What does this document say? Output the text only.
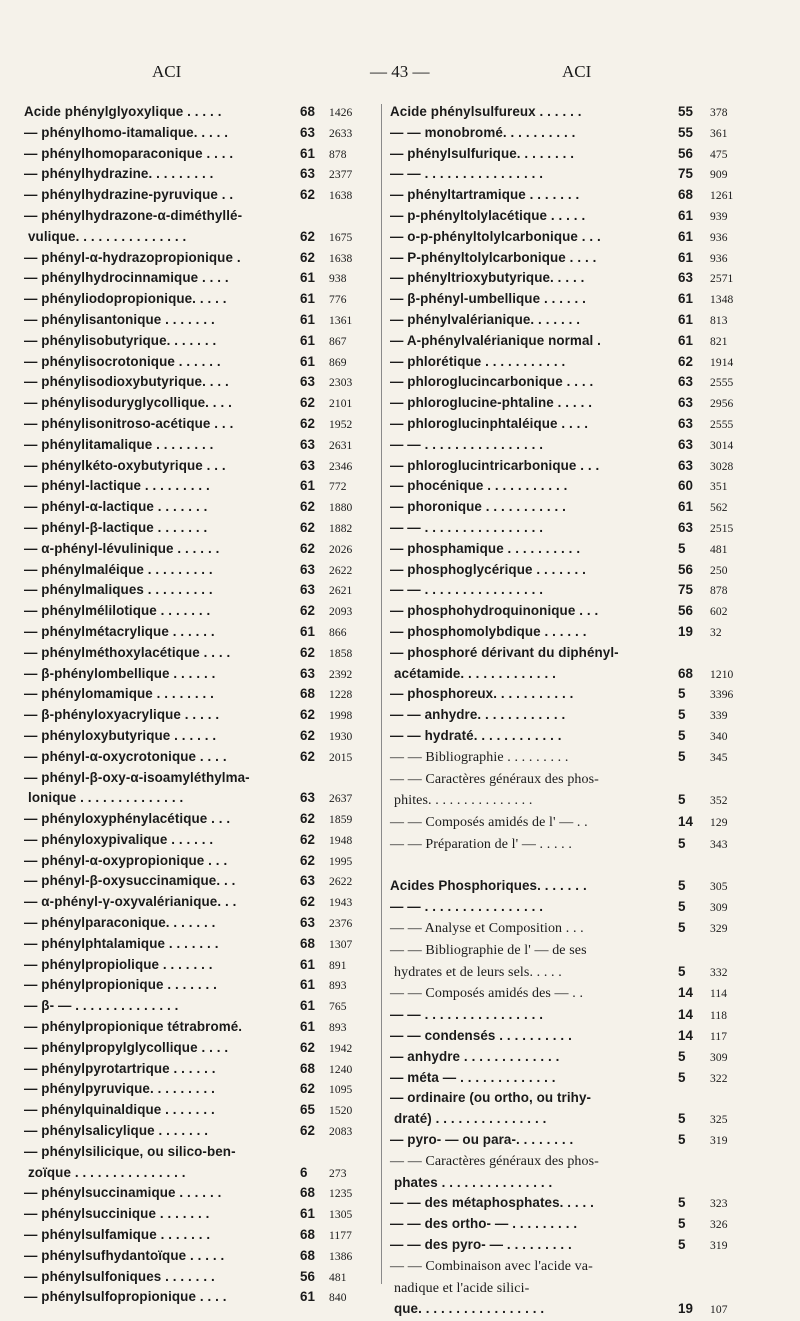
ACI	— 43 —	ACI
Acide phénylglyoxylique . . . . .	68 1426
— phénylhomo-itamalique. . . . .	63 2633
— phénylhomoparaconique . . . .	61 878
— phénylhydrazine. . . . . . . . .	63 2377
— phénylhydrazine-pyruvique . .	62 1638
— phénylhydrazone-α-diméthyllé-
vulique. . . . . . . . . . . . . . .	62 1675
— phényl-α-hydrazopropionique .	62 1638
— phénylhydrocinnamique . . . .	61 938
— phényliodopropionique. . . . .	61 776
— phénylisantonique . . . . . . .	61 1361
— phénylisobutyrique. . . . . . .	61 867
— phénylisocrotonique . . . . . .	61 869
— phénylisodioxybutyrique. . . .	63 2303
— phénylisoduryglycollique. . . .	62 2101
— phénylisonitroso-acétique . . .	62 1952
— phénylitamalique . . . . . . . .	63 2631
— phénylkéto-oxybutyrique . . .	63 2346
— phényl-lactique . . . . . . . . .	61 772
— phényl-α-lactique . . . . . . .	62 1880
— phényl-β-lactique . . . . . . .	62 1882
— α-phényl-lévulinique . . . . . .	62 2026
— phénylmaléique . . . . . . . . .	63 2622
— phénylmaliques . . . . . . . . .	63 2621
— phénylmélilotique . . . . . . .	62 2093
— phénylmétacrylique . . . . . .	61 866
— phénylméthoxylacétique . . . .	62 1858
— β-phénylombellique . . . . . .	63 2392
— phénylomamique . . . . . . . .	68 1228
— β-phényloxyacrylique . . . . .	62 1998
— phényloxybutyrique . . . . . .	62 1930
— phényl-α-oxycrotonique . . . .	62 2015
— phényl-β-oxy-α-isoamyléthylma-
lonique . . . . . . . . . . . . . .	63 2637
— phényloxyphénylacétique . . .	62 1859
— phényloxypivalique . . . . . .	62 1948
— phényl-α-oxypropionique . . .	62 1995
— phényl-β-oxysuccinamique. . .	63 2622
— α-phényl-γ-oxyvalérianique. . .	62 1943
— phénylparaconique. . . . . . .	63 2376
— phénylphtalamique . . . . . . .	68 1307
— phénylpropiolique . . . . . . .	61 891
— phénylpropionique . . . . . . .	61 893
— β- — . . . . . . . . . . . . . .	61 765
— phénylpropionique tétrabromé.	61 893
— phénylpropylglycollique . . . .	62 1942
— phénylpyrotartrique . . . . . .	68 1240
— phénylpyruvique. . . . . . . . .	62 1095
— phénylquinaldique . . . . . . .	65 1520
— phénylsalicylique . . . . . . .	62 2083
— phénylsilicique, ou silico-ben-
zoïque . . . . . . . . . . . . . . .	6 273
— phénylsuccinamique . . . . . .	68 1235
— phénylsuccinique . . . . . . .	61 1305
— phénylsulfamique . . . . . . .	68 1177
— phénylsufhydantoïque . . . . .	68 1386
— phénylsulfoniques . . . . . . .	56 481
— phénylsulfopropionique . . . .	61 840
Acide phénylsulfureux . . . . . .	55 378
— — monobromé. . . . . . . . . .	55 361
— phénylsulfurique. . . . . . . .	56 475
— — . . . . . . . . . . . . . . . .	75 909
— phényltartramique . . . . . . .	68 1261
— p-phényltolylacétique . . . . .	61 939
— o-p-phényltolylcarbonique . . .	61 936
— P-phényltolylcarbonique . . . .	61 936
— phényltrioxybutyrique. . . . .	63 2571
— β-phényl-umbellique . . . . . .	61 1348
— phénylvalérianique. . . . . . .	61 813
— A-phénylvalérianique normal .	61 821
— phlorétique . . . . . . . . . . .	62 1914
— phloroglucincarbonique . . . .	63 2555
— phloroglucine-phtaline . . . . .	63 2956
— phloroglucinphtaléique . . . .	63 2555
— — . . . . . . . . . . . . . . . .	63 3014
— phloroglucintricarbonique . . .	63 3028
— phocénique . . . . . . . . . . .	60 351
— phoronique . . . . . . . . . . .	61 562
— — . . . . . . . . . . . . . . . .	63 2515
— phosphamique . . . . . . . . . .	5 481
— phosphoglycérique . . . . . . .	56 250
— — . . . . . . . . . . . . . . . .	75 878
— phosphohydroquinonique . . .	56 602
— phosphomolybdique . . . . . .	19 32
— phosphoré dérivant du diphényl-
acétamide. . . . . . . . . . . . .	68 1210
— phosphoreux. . . . . . . . . . .	5 3396
— — anhydre. . . . . . . . . . . .	5 339
— — hydraté. . . . . . . . . . . .	5 340
— — Bibliographie . . . . . . . . .	5 345
— — Caractères généraux des phos-
phites. . . . . . . . . . . . . . .	5 352
— — Composés amidés de l' — . .	14 129
— — Préparation de l' — . . . . .	5 343
Acides Phosphoriques. . . . . . .	5 305
— — . . . . . . . . . . . . . . . .	5 309
— — Analyse et Composition . . .	5 329
— — Bibliographie de l' — de ses
hydrates et de leurs sels. . . . .	5 332
— — Composés amidés des — . .	14 114
— — . . . . . . . . . . . . . . . .	14 118
— — condensés . . . . . . . . . .	14 117
— anhydre . . . . . . . . . . . . .	5 309
— méta — . . . . . . . . . . . . .	5 322
— ordinaire (ou ortho, ou trihy-
draté) . . . . . . . . . . . . . . .	5 325
— pyro- — ou para-. . . . . . . .	5 319
— — Caractères généraux des phos-
phates . . . . . . . . . . . . . . .
— — des métaphosphates. . . . .	5 323
— — des ortho- — . . . . . . . . .	5 326
— — des pyro- — . . . . . . . . .	5 319
— — Combinaison avec l'acide va-
nadique et l'acide silici-
que. . . . . . . . . . . . . . . . .	19 107
